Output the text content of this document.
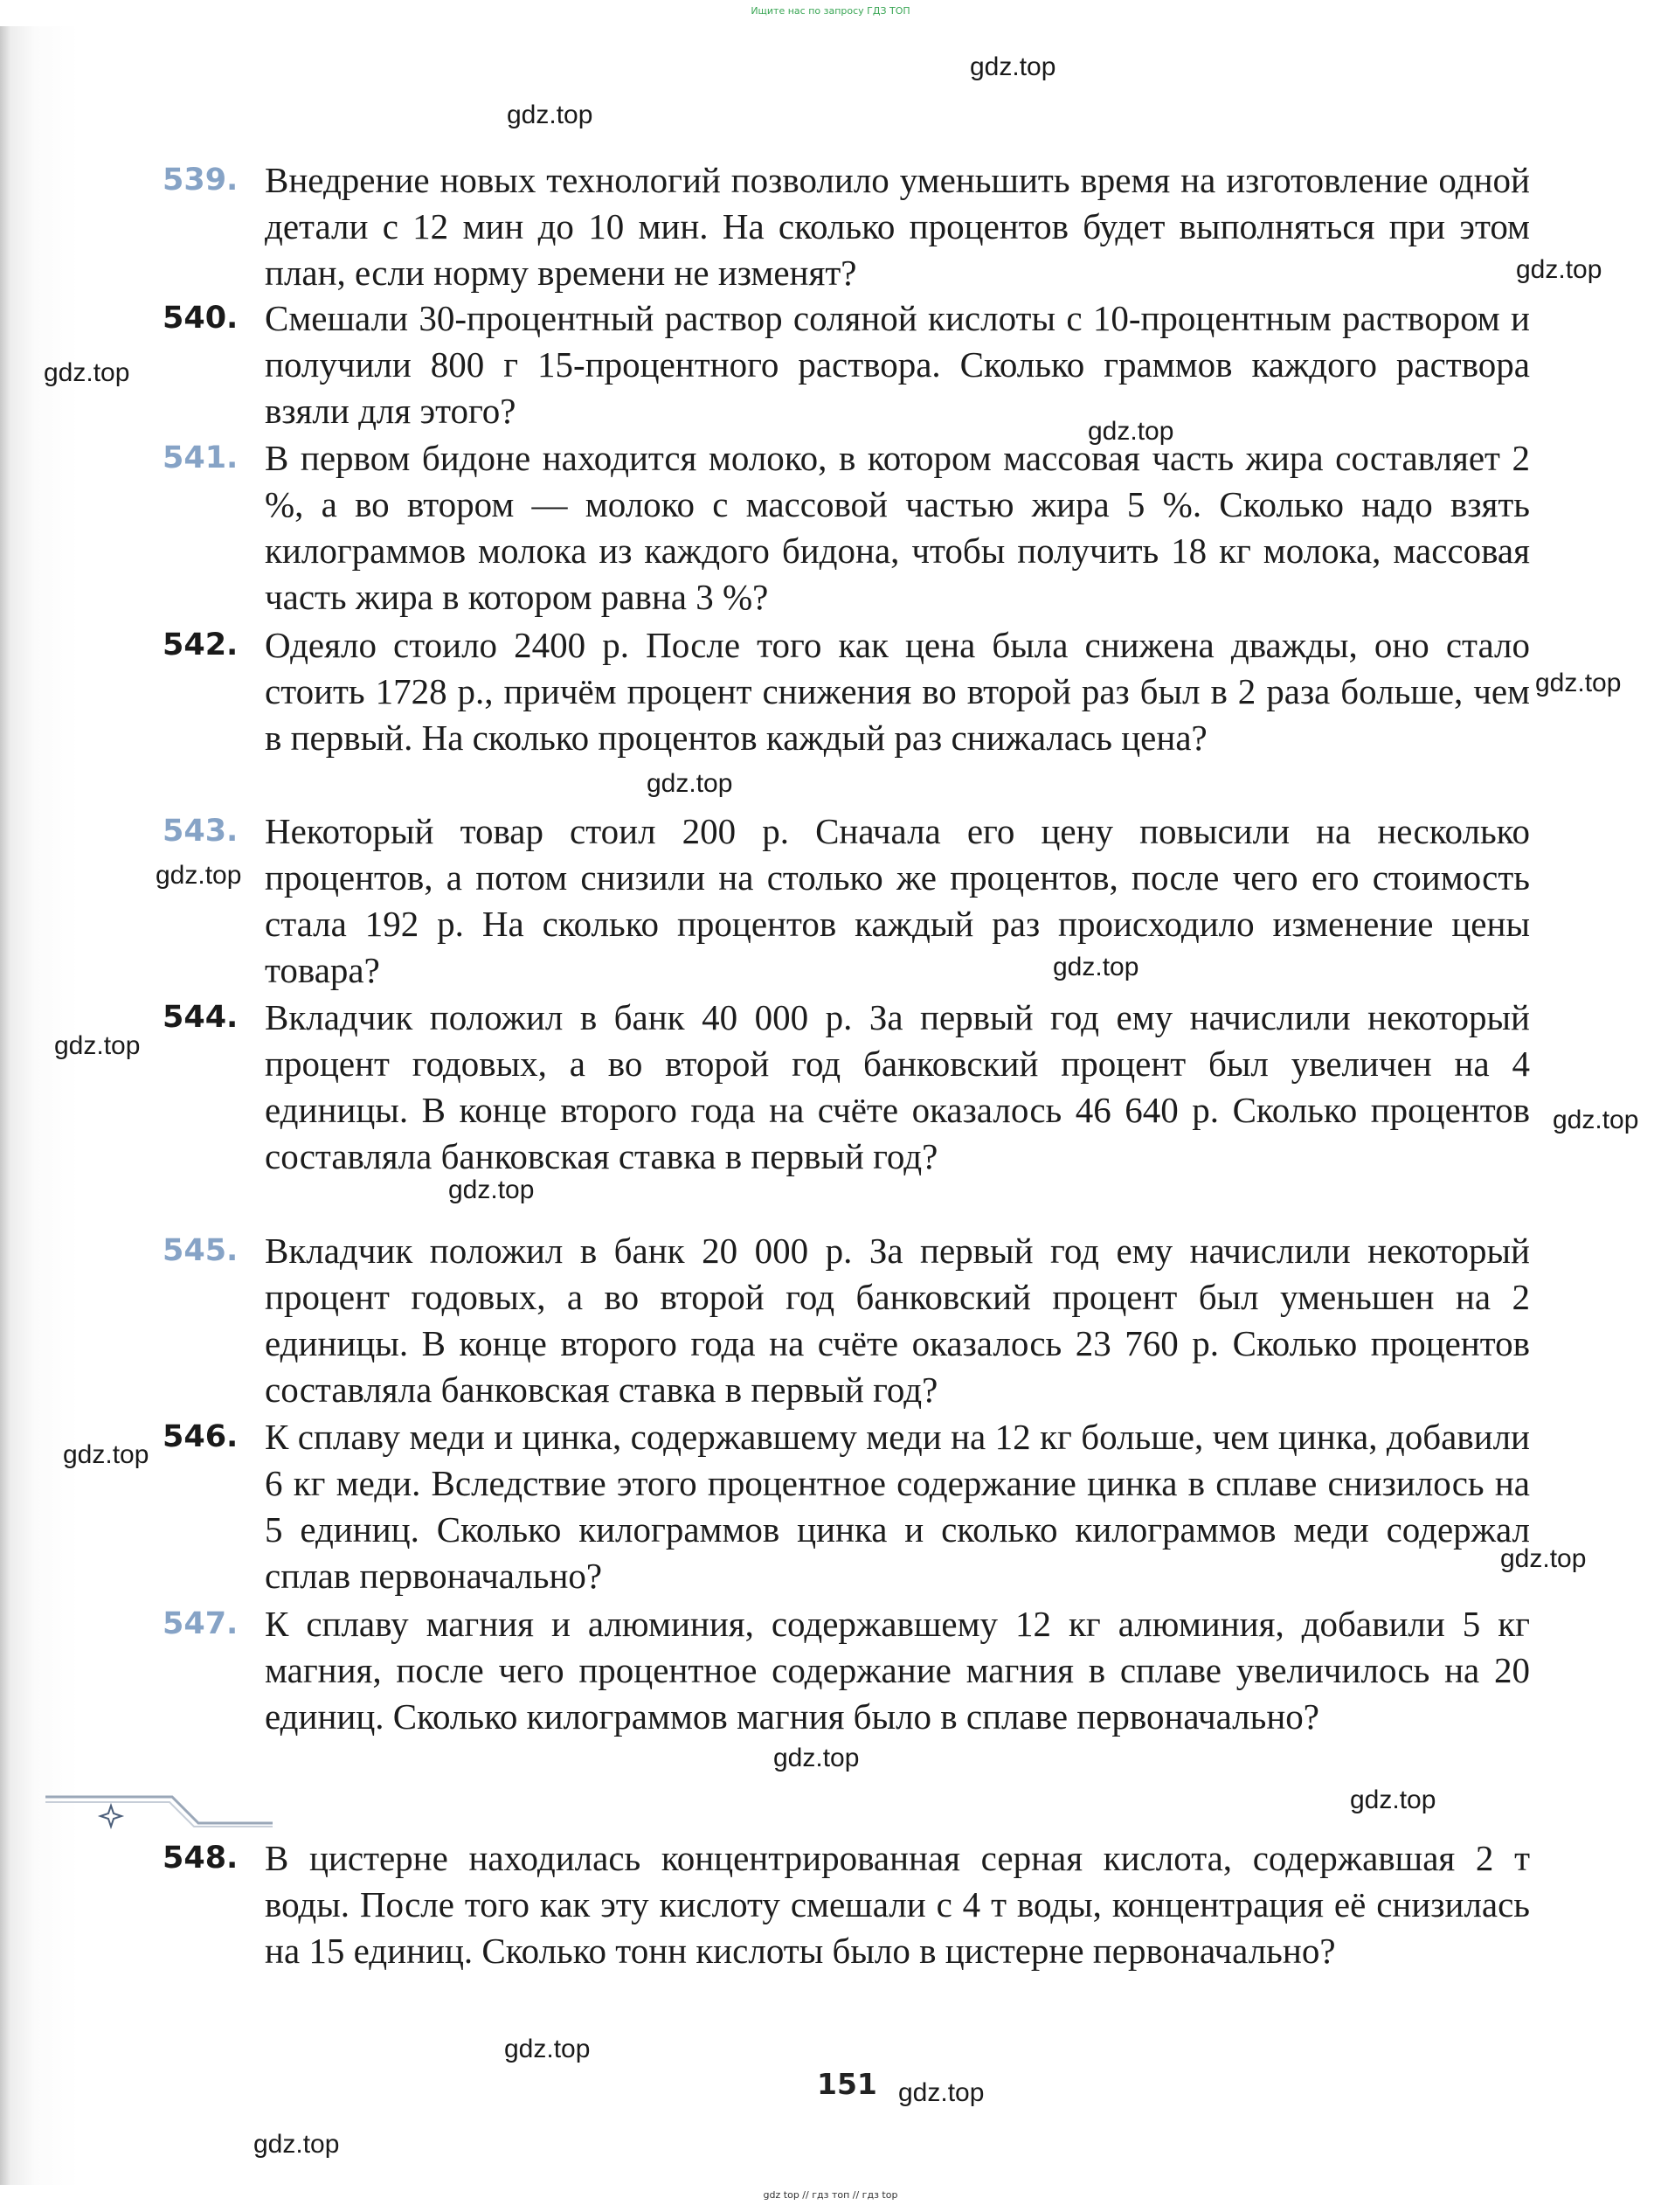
Ищите нас по запросу ГДЗ ТОП
539. Внедрение новых технологий позволило уменьшить время на изготовление одной детали с 12 мин до 10 мин. На сколько процентов будет выполняться при этом план, если норму времени не изменят?
540. Смешали 30-процентный раствор соляной кислоты с 10-процентным раствором и получили 800 г 15-процентного раствора. Сколько граммов каждого раствора взяли для этого?
541. В первом бидоне находится молоко, в котором массовая часть жира составляет 2 %, а во втором — молоко с массовой частью жира 5 %. Сколько надо взять килограммов молока из каждого бидона, чтобы получить 18 кг молока, массовая часть жира в котором равна 3 %?
542. Одеяло стоило 2400 р. После того как цена была снижена дважды, оно стало стоить 1728 р., причём процент снижения во второй раз был в 2 раза больше, чем в первый. На сколько процентов каждый раз снижалась цена?
543. Некоторый товар стоил 200 р. Сначала его цену повысили на несколько процентов, а потом снизили на столько же процентов, после чего его стоимость стала 192 р. На сколько процентов каждый раз происходило изменение цены товара?
544. Вкладчик положил в банк 40 000 р. За первый год ему начислили некоторый процент годовых, а во второй год банковский процент был увеличен на 4 единицы. В конце второго года на счёте оказалось 46 640 р. Сколько процентов составляла банковская ставка в первый год?
545. Вкладчик положил в банк 20 000 р. За первый год ему начислили некоторый процент годовых, а во второй год банковский процент был уменьшен на 2 единицы. В конце второго года на счёте оказалось 23 760 р. Сколько процентов составляла банковская ставка в первый год?
546. К сплаву меди и цинка, содержавшему меди на 12 кг больше, чем цинка, добавили 6 кг меди. Вследствие этого процентное содержание цинка в сплаве снизилось на 5 единиц. Сколько килограммов цинка и сколько килограммов меди содержал сплав первоначально?
547. К сплаву магния и алюминия, содержавшему 12 кг алюминия, добавили 5 кг магния, после чего процентное содержание магния в сплаве увеличилось на 20 единиц. Сколько килограммов магния было в сплаве первоначально?
548. В цистерне находилась концентрированная серная кислота, содержавшая 2 т воды. После того как эту кислоту смешали с 4 т воды, концентрация её снизилась на 15 единиц. Сколько тонн кислоты было в цистерне первоначально?
151
gdz.top
gdz.top
gdz.top
gdz.top
gdz.top
gdz.top
gdz.top
gdz.top
gdz.top
gdz.top
gdz.top
gdz.top
gdz.top
gdz.top
gdz.top
gdz.top
gdz.top
gdz.top
gdz.top
gdz top // гдз топ // гдз top
